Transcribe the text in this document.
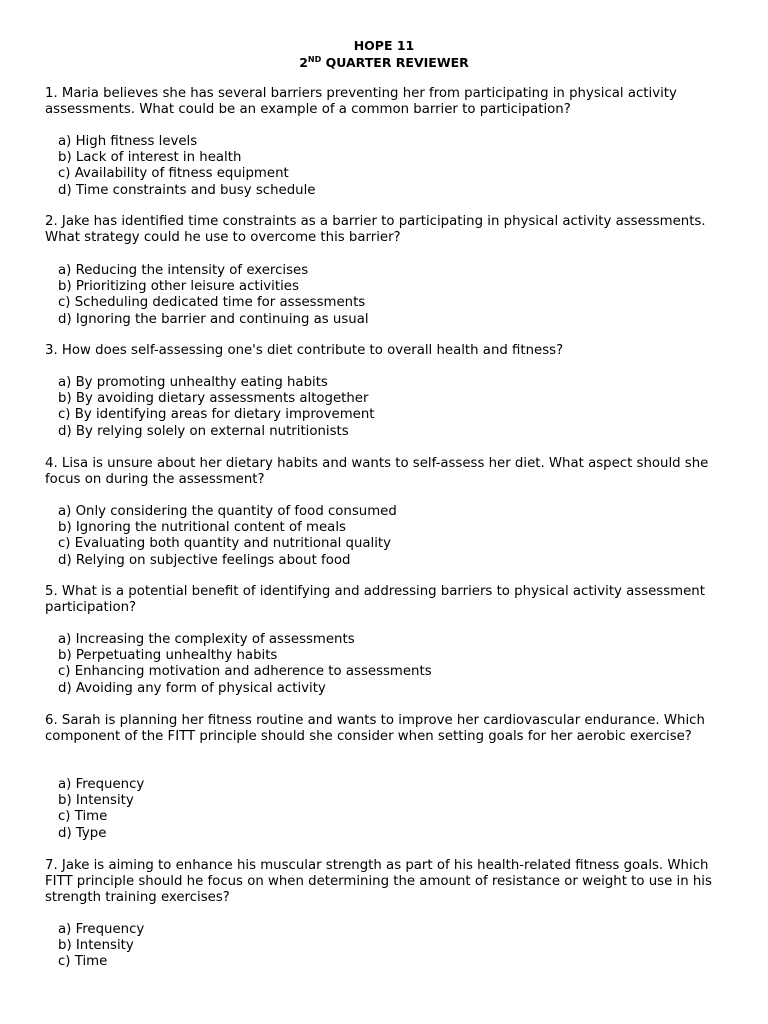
HOPE 11
2ND QUARTER REVIEWER
1. Maria believes she has several barriers preventing her from participating in physical activity assessments. What could be an example of a common barrier to participation?
a) High fitness levels
b) Lack of interest in health
c) Availability of fitness equipment
d) Time constraints and busy schedule
2. Jake has identified time constraints as a barrier to participating in physical activity assessments. What strategy could he use to overcome this barrier?
a) Reducing the intensity of exercises
b) Prioritizing other leisure activities
c) Scheduling dedicated time for assessments
d) Ignoring the barrier and continuing as usual
3. How does self-assessing one's diet contribute to overall health and fitness?
a) By promoting unhealthy eating habits
b) By avoiding dietary assessments altogether
c) By identifying areas for dietary improvement
d) By relying solely on external nutritionists
4. Lisa is unsure about her dietary habits and wants to self-assess her diet. What aspect should she focus on during the assessment?
a) Only considering the quantity of food consumed
b) Ignoring the nutritional content of meals
c) Evaluating both quantity and nutritional quality
d) Relying on subjective feelings about food
5. What is a potential benefit of identifying and addressing barriers to physical activity assessment participation?
a) Increasing the complexity of assessments
b) Perpetuating unhealthy habits
c) Enhancing motivation and adherence to assessments
d) Avoiding any form of physical activity
6. Sarah is planning her fitness routine and wants to improve her cardiovascular endurance. Which component of the FITT principle should she consider when setting goals for her aerobic exercise?
a) Frequency
b) Intensity
c) Time
d) Type
7. Jake is aiming to enhance his muscular strength as part of his health-related fitness goals. Which FITT principle should he focus on when determining the amount of resistance or weight to use in his strength training exercises?
a) Frequency
b) Intensity
c) Time
